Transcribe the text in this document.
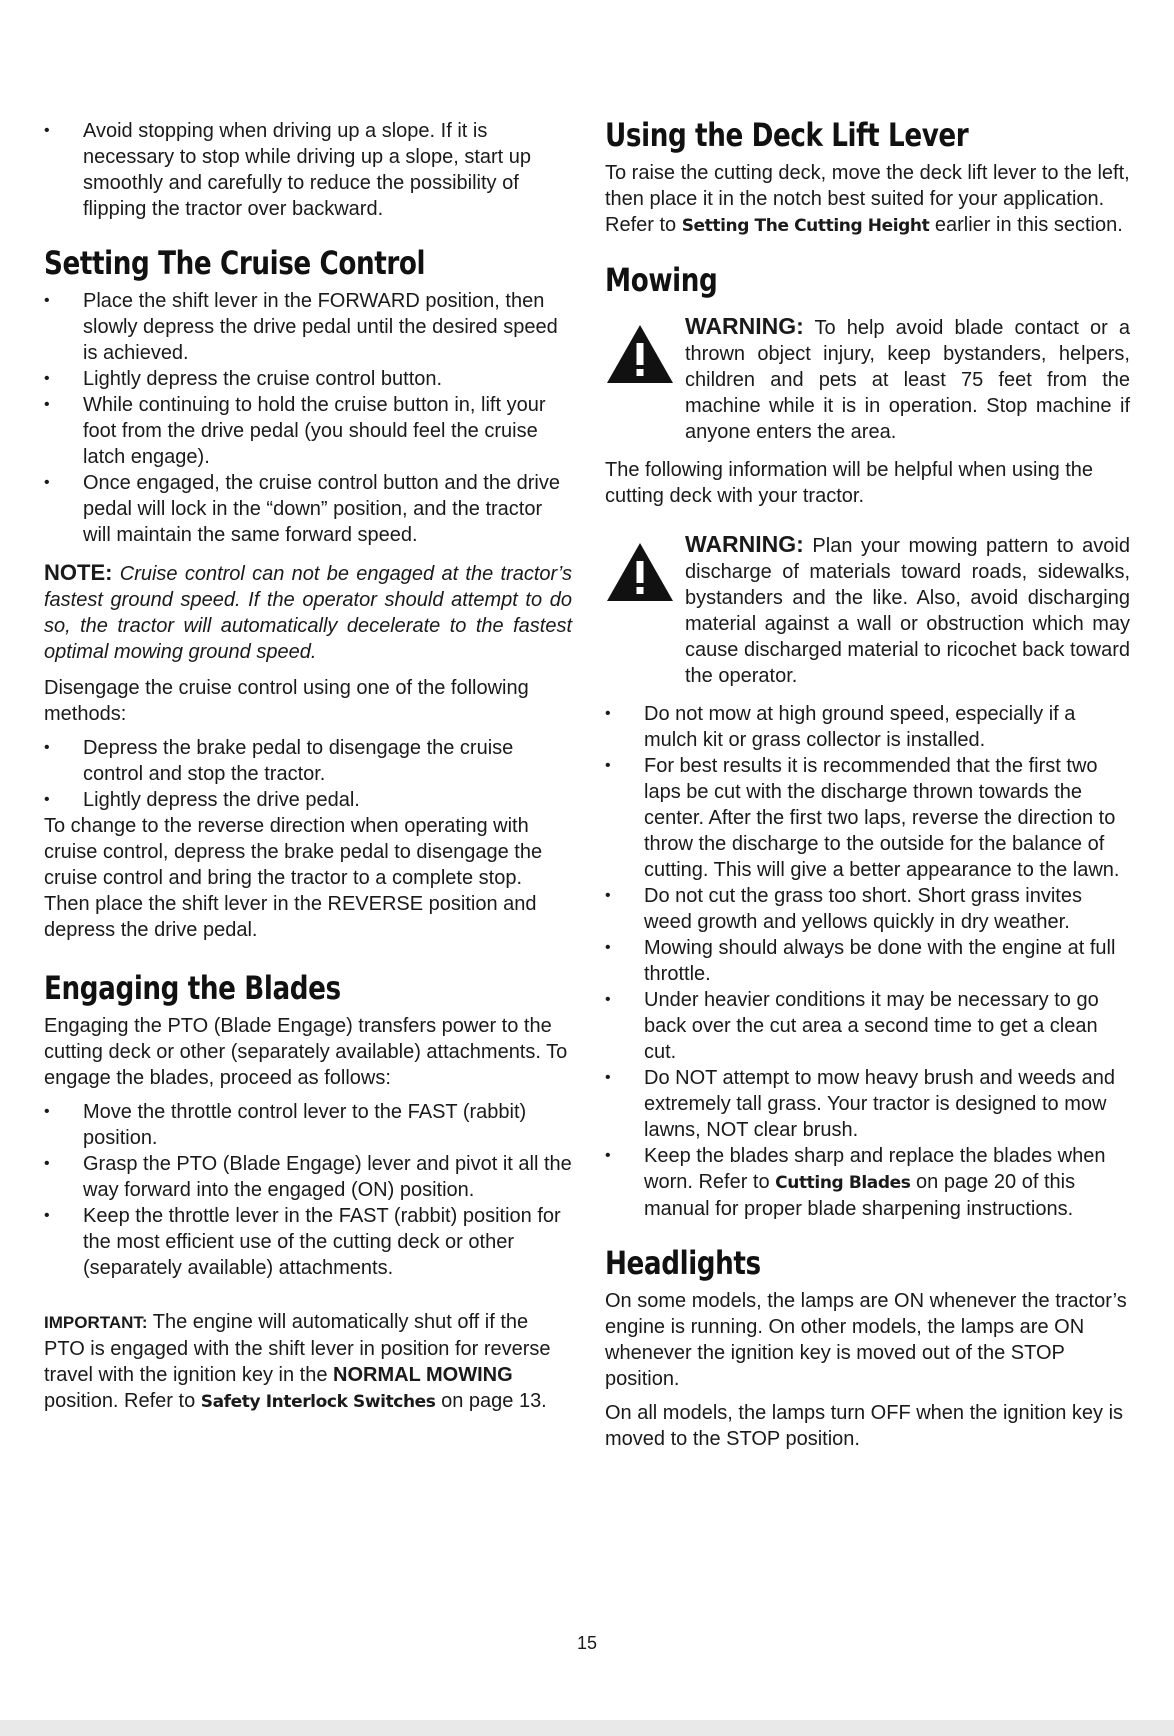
• Avoid stopping when driving up a slope. If it is necessary to stop while driving up a slope, start up smoothly and carefully to reduce the possibility of flipping the tractor over backward.
Setting The Cruise Control
• Place the shift lever in the FORWARD position, then slowly depress the drive pedal until the desired speed is achieved.
• Lightly depress the cruise control button.
• While continuing to hold the cruise button in, lift your foot from the drive pedal (you should feel the cruise latch engage).
• Once engaged, the cruise control button and the drive pedal will lock in the “down” position, and the tractor will maintain the same forward speed.
NOTE: Cruise control can not be engaged at the tractor’s fastest ground speed. If the operator should attempt to do so, the tractor will automatically decelerate to the fastest optimal mowing ground speed.

Disengage the cruise control using one of the following methods:

• Depress the brake pedal to disengage the cruise control and stop the tractor.
• Lightly depress the drive pedal.

To change to the reverse direction when operating with cruise control, depress the brake pedal to disengage the cruise control and bring the tractor to a complete stop. Then place the shift lever in the REVERSE position and depress the drive pedal.

Engaging the Blades

Engaging the PTO (Blade Engage) transfers power to the cutting deck or other (separately available) attachments. To engage the blades, proceed as follows:

• Move the throttle control lever to the FAST (rabbit) position.
• Grasp the PTO (Blade Engage) lever and pivot it all the way forward into the engaged (ON) position.
• Keep the throttle lever in the FAST (rabbit) position for the most efficient use of the cutting deck or other (separately available) attachments.

IMPORTANT: The engine will automatically shut off if the PTO is engaged with the shift lever in position for reverse travel with the ignition key in the NORMAL MOWING position. Refer to Safety Interlock Switches on page 13.

Using the Deck Lift Lever

To raise the cutting deck, move the deck lift lever to the left, then place it in the notch best suited for your application. Refer to Setting The Cutting Height earlier in this section.

Mowing
WARNING: To help avoid blade contact or a thrown object injury, keep bystanders, helpers, children and pets at least 75 feet from the machine while it is in operation. Stop machine if anyone enters the area.

The following information will be helpful when using the cutting deck with your tractor.

WARNING: Plan your mowing pattern to avoid discharge of materials toward roads, sidewalks, bystanders and the like. Also, avoid discharging material against a wall or obstruction which may cause discharged material to ricochet back toward the operator.
• Do not mow at high ground speed, especially if a mulch kit or grass collector is installed.
• For best results it is recommended that the first two laps be cut with the discharge thrown towards the center. After the first two laps, reverse the direction to throw the discharge to the outside for the balance of cutting. This will give a better appearance to the lawn.
• Do not cut the grass too short. Short grass invites weed growth and yellows quickly in dry weather.
• Mowing should always be done with the engine at full throttle.
• Under heavier conditions it may be necessary to go back over the cut area a second time to get a clean cut.
• Do NOT attempt to mow heavy brush and weeds and extremely tall grass. Your tractor is designed to mow lawns, NOT clear brush.
• Keep the blades sharp and replace the blades when worn. Refer to Cutting Blades on page 20 of this manual for proper blade sharpening instructions.
Headlights

On some models, the lamps are ON whenever the tractor’s engine is running. On other models, the lamps are ON whenever the ignition key is moved out of the STOP position.

On all models, the lamps turn OFF when the ignition key is moved to the STOP position.

15
